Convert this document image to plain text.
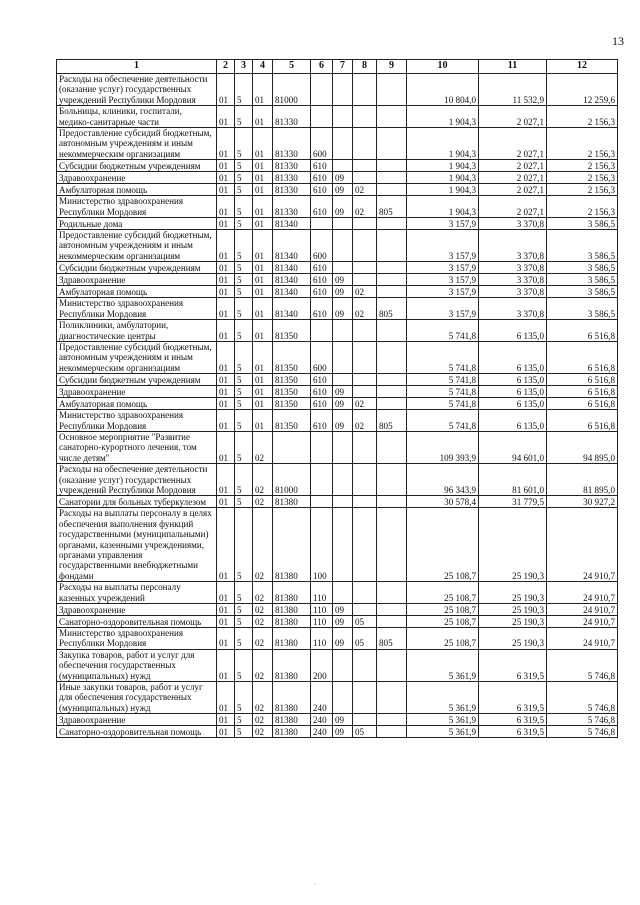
13
1	2	3	4	5	6	7	8	9	10	11	12
Расходы на обеспечение деятельности (оказание услуг) государственных учреждений Республики Мордовия	01	5	01	81000					10 804,0	11 532,9	12 259,6
Больницы, клиники, госпитали, медико-санитарные части	01	5	01	81330					1 904,3	2 027,1	2 156,3
Предоставление субсидий бюджетным, автономным учреждениям и иным некоммерческим организациям	01	5	01	81330	600				1 904,3	2 027,1	2 156,3
Субсидии бюджетным учреждениям	01	5	01	81330	610				1 904,3	2 027,1	2 156,3
Здравоохранение	01	5	01	81330	610	09			1 904,3	2 027,1	2 156,3
Амбулаторная помощь	01	5	01	81330	610	09	02		1 904,3	2 027,1	2 156,3
Министерство здравоохранения Республики Мордовия	01	5	01	81330	610	09	02	805	1 904,3	2 027,1	2 156,3
Родильные дома	01	5	01	81340					3 157,9	3 370,8	3 586,5
Предоставление субсидий бюджетным, автономным учреждениям и иным некоммерческим организациям	01	5	01	81340	600				3 157,9	3 370,8	3 586,5
Субсидии бюджетным учреждениям	01	5	01	81340	610				3 157,9	3 370,8	3 586,5
Здравоохранение	01	5	01	81340	610	09			3 157,9	3 370,8	3 586,5
Амбулаторная помощь	01	5	01	81340	610	09	02		3 157,9	3 370,8	3 586,5
Министерство здравоохранения Республики Мордовия	01	5	01	81340	610	09	02	805	3 157,9	3 370,8	3 586,5
Поликлиники, амбулатории, диагностические центры	01	5	01	81350					5 741,8	6 135,0	6 516,8
Предоставление субсидий бюджетным, автономным учреждениям и иным некоммерческим организациям	01	5	01	81350	600				5 741,8	6 135,0	6 516,8
Субсидии бюджетным учреждениям	01	5	01	81350	610				5 741,8	6 135,0	6 516,8
Здравоохранение	01	5	01	81350	610	09			5 741,8	6 135,0	6 516,8
Амбулаторная помощь	01	5	01	81350	610	09	02		5 741,8	6 135,0	6 516,8
Министерство здравоохранения Республики Мордовия	01	5	01	81350	610	09	02	805	5 741,8	6 135,0	6 516,8
Основное мероприятие "Развитие санаторно-курортного лечения, том числе детям"	01	5	02						109 393,9	94 601,0	94 895,0
Расходы на обеспечение деятельности (оказание услуг) государственных учреждений Республики Мордовия	01	5	02	81000					96 343,9	81 601,0	81 895,0
Санатории для больных туберкулезом	01	5	02	81380					30 578,4	31 779,5	30 927,2
Расходы на выплаты персоналу в целях обеспечения выполнения функций государственными (муниципальными) органами, казенными учреждениями, органами управления государственными внебюджетными фондами	01	5	02	81380	100				25 108,7	25 190,3	24 910,7
Расходы на выплаты персоналу казенных учреждений	01	5	02	81380	110				25 108,7	25 190,3	24 910,7
Здравоохранение	01	5	02	81380	110	09			25 108,7	25 190,3	24 910,7
Санаторно-оздоровительная помощь	01	5	02	81380	110	09	05		25 108,7	25 190,3	24 910,7
Министерство здравоохранения Республики Мордовия	01	5	02	81380	110	09	05	805	25 108,7	25 190,3	24 910,7
Закупка товаров, работ и услуг для обеспечения государственных (муниципальных) нужд	01	5	02	81380	200				5 361,9	6 319,5	5 746,8
Иные закупки товаров, работ и услуг для обеспечения государственных (муниципальных) нужд	01	5	02	81380	240				5 361,9	6 319,5	5 746,8
Здравоохранение	01	5	02	81380	240	09			5 361,9	6 319,5	5 746,8
Санаторно-оздоровительная помощь	01	5	02	81380	240	09	05		5 361,9	6 319,5	5 746,8
·
